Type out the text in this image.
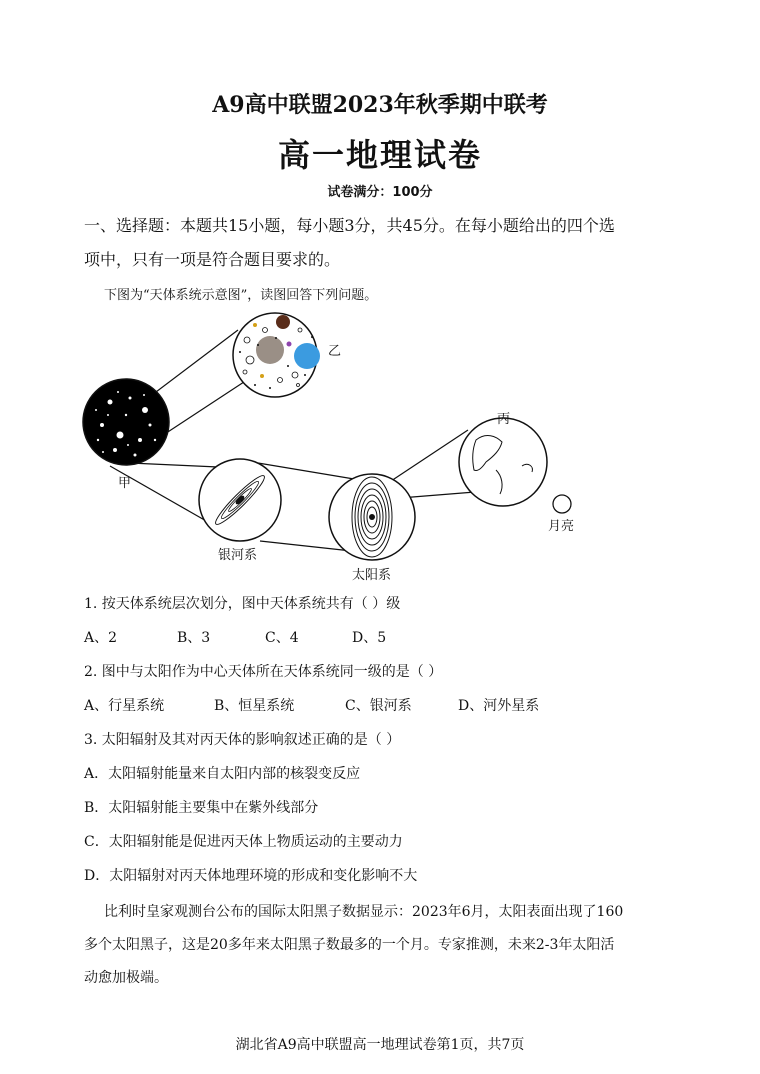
A9高中联盟2023年秋季期中联考
高一地理试卷
试卷满分：100分
一、选择题：本题共15小题，每小题3分，共45分。在每小题给出的四个选
项中，只有一项是符合题目要求的。
下图为“天体系统示意图”，读图回答下列问题。
甲
乙
丙
银河系
太阳系
月亮
1. 按天体系统层次划分，图中天体系统共有（ ）级
A、2	B、3	C、4	D、5
2. 图中与太阳作为中心天体所在天体系统同一级的是（ ）
A、行星系统	B、恒星系统	C、银河系	D、河外星系
3. 太阳辐射及其对丙天体的影响叙述正确的是（ ）
A．太阳辐射能量来自太阳内部的核裂变反应
B．太阳辐射能主要集中在紫外线部分
C．太阳辐射能是促进丙天体上物质运动的主要动力
D．太阳辐射对丙天体地理环境的形成和变化影响不大
比利时皇家观测台公布的国际太阳黑子数据显示：2023年6月，太阳表面出现了160
多个太阳黑子，这是20多年来太阳黑子数最多的一个月。专家推测，未来2-3年太阳活
动愈加极端。
湖北省A9高中联盟高一地理试卷第1页，共7页
